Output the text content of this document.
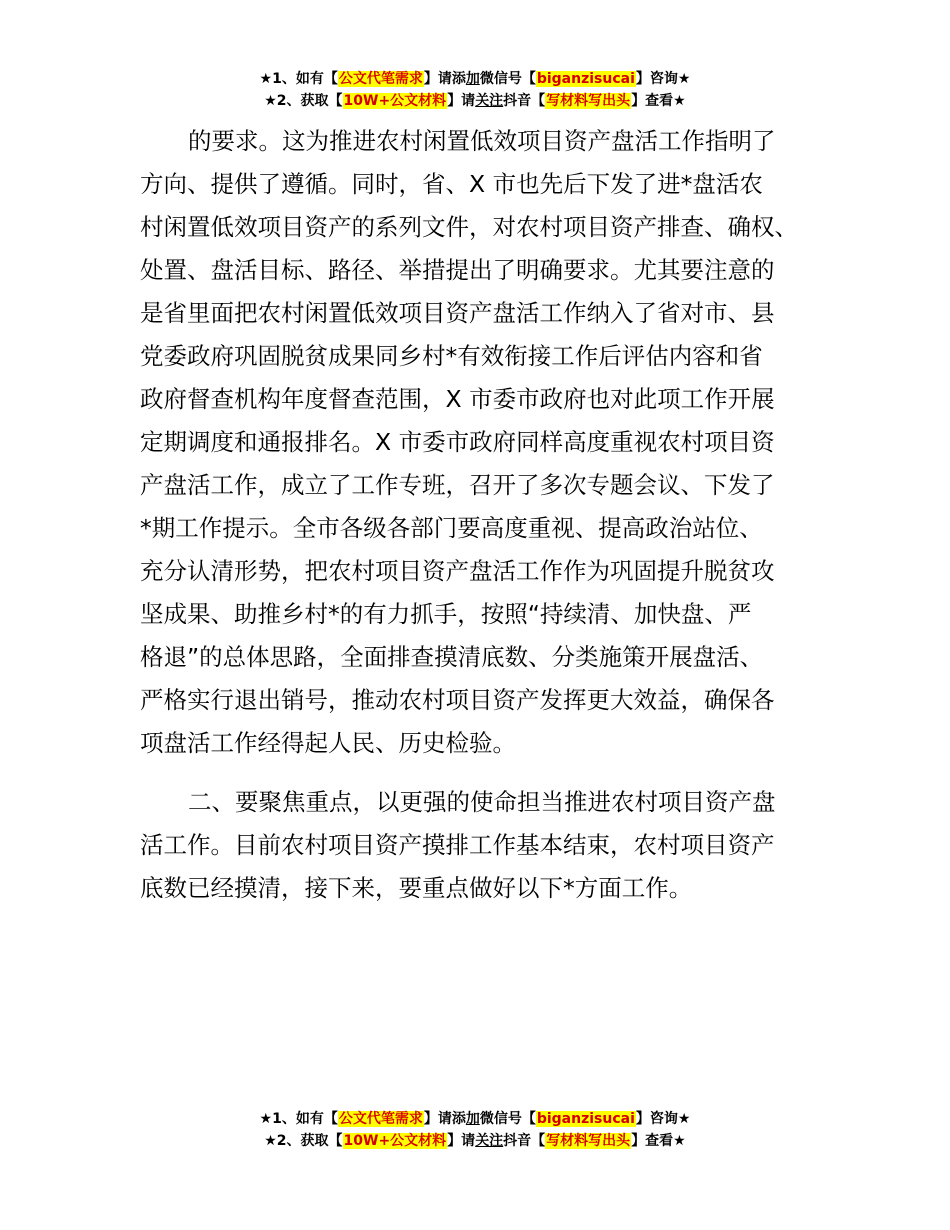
★1、如有【公文代笔需求】请添加微信号【biganzisucai】咨询★
★2、获取【10W+公文材料】请关注抖音【写材料写出头】查看★
的要求。这为推进农村闲置低效项目资产盘活工作指明了
方向、提供了遵循。同时，省、X 市也先后下发了进*盘活农
村闲置低效项目资产的系列文件，对农村项目资产排查、确权、
处置、盘活目标、路径、举措提出了明确要求。尤其要注意的
是省里面把农村闲置低效项目资产盘活工作纳入了省对市、县
党委政府巩固脱贫成果同乡村*有效衔接工作后评估内容和省
政府督查机构年度督查范围，X 市委市政府也对此项工作开展
定期调度和通报排名。X 市委市政府同样高度重视农村项目资
产盘活工作，成立了工作专班，召开了多次专题会议、下发了
*期工作提示。全市各级各部门要高度重视、提高政治站位、
充分认清形势，把农村项目资产盘活工作作为巩固提升脱贫攻
坚成果、助推乡村*的有力抓手，按照“持续清、加快盘、严
格退”的总体思路，全面排查摸清底数、分类施策开展盘活、
严格实行退出销号，推动农村项目资产发挥更大效益，确保各
项盘活工作经得起人民、历史检验。
二、要聚焦重点，以更强的使命担当推进农村项目资产盘
活工作。目前农村项目资产摸排工作基本结束，农村项目资产
底数已经摸清，接下来，要重点做好以下*方面工作。
★1、如有【公文代笔需求】请添加微信号【biganzisucai】咨询★
★2、获取【10W+公文材料】请关注抖音【写材料写出头】查看★
